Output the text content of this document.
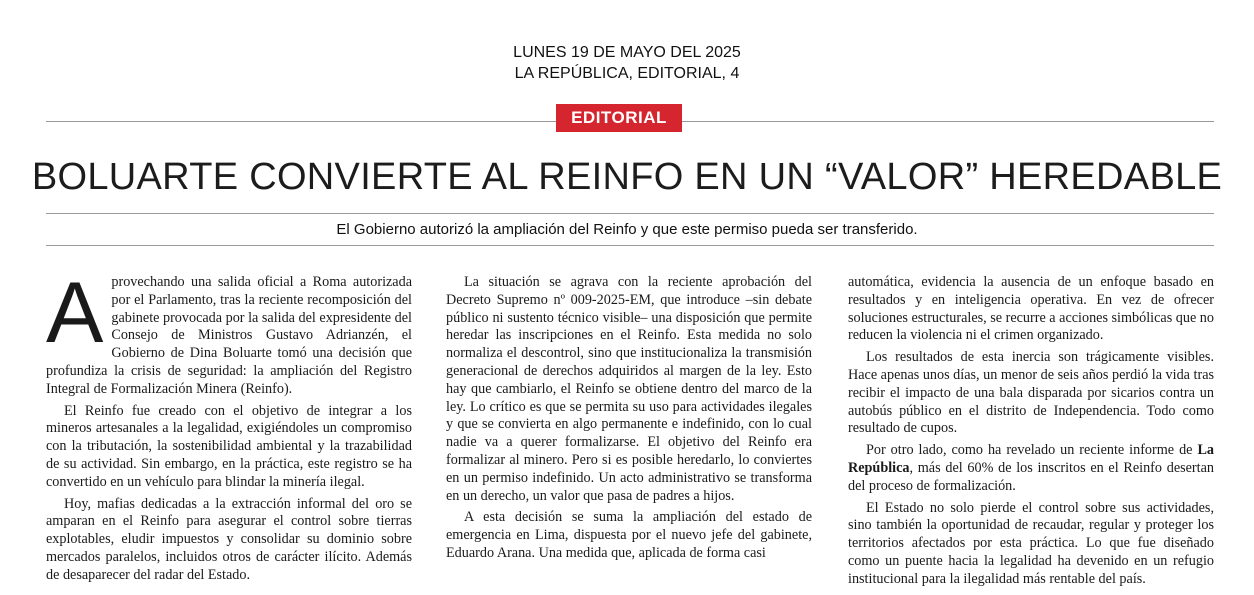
LUNES 19 DE MAYO DEL 2025
LA REPÚBLICA, EDITORIAL, 4
EDITORIAL
BOLUARTE CONVIERTE AL REINFO EN UN “VALOR” HEREDABLE
El Gobierno autorizó la ampliación del Reinfo y que este permiso pueda ser transferido.
A provechando una salida oficial a Roma autorizada por el Parlamento, tras la reciente recomposición del gabinete provocada por la salida del expresidente del Consejo de Ministros Gustavo Adrianzén, el Gobierno de Dina Boluarte tomó una decisión que profundiza la crisis de seguridad: la ampliación del Registro Integral de Formalización Minera (Reinfo).

El Reinfo fue creado con el objetivo de integrar a los mineros artesanales a la legalidad, exigiéndoles un compromiso con la tributación, la sostenibilidad ambiental y la trazabilidad de su actividad. Sin embargo, en la práctica, este registro se ha convertido en un vehículo para blindar la minería ilegal.

Hoy, mafias dedicadas a la extracción informal del oro se amparan en el Reinfo para asegurar el control sobre tierras explotables, eludir impuestos y consolidar su dominio sobre mercados paralelos, incluidos otros de carácter ilícito. Además de desaparecer del radar del Estado.

La situación se agrava con la reciente aprobación del Decreto Supremo nº 009-2025-EM, que introduce –sin debate público ni sustento técnico visible– una disposición que permite heredar las inscripciones en el Reinfo. Esta medida no solo normaliza el descontrol, sino que institucionaliza la transmisión generacional de derechos adquiridos al margen de la ley. Esto hay que cambiarlo, el Reinfo se obtiene dentro del marco de la ley. Lo crítico es que se permita su uso para actividades ilegales y que se convierta en algo permanente e indefinido, con lo cual nadie va a querer formalizarse. El objetivo del Reinfo era formalizar al minero. Pero si es posible heredarlo, lo conviertes en un permiso indefinido. Un acto administrativo se transforma en un derecho, un valor que pasa de padres a hijos.

A esta decisión se suma la ampliación del estado de emergencia en Lima, dispuesta por el nuevo jefe del gabinete, Eduardo Arana. Una medida que, aplicada de forma casi

automática, evidencia la ausencia de un enfoque basado en resultados y en inteligencia operativa. En vez de ofrecer soluciones estructurales, se recurre a acciones simbólicas que no reducen la violencia ni el crimen organizado.

Los resultados de esta inercia son trágicamente visibles. Hace apenas unos días, un menor de seis años perdió la vida tras recibir el impacto de una bala disparada por sicarios contra un autobús público en el distrito de Independencia. Todo como resultado de cupos.

Por otro lado, como ha revelado un reciente informe de La República, más del 60% de los inscritos en el Reinfo desertan del proceso de formalización.

El Estado no solo pierde el control sobre sus actividades, sino también la oportunidad de recaudar, regular y proteger los territorios afectados por esta práctica. Lo que fue diseñado como un puente hacia la legalidad ha devenido en un refugio institucional para la ilegalidad más rentable del país.
